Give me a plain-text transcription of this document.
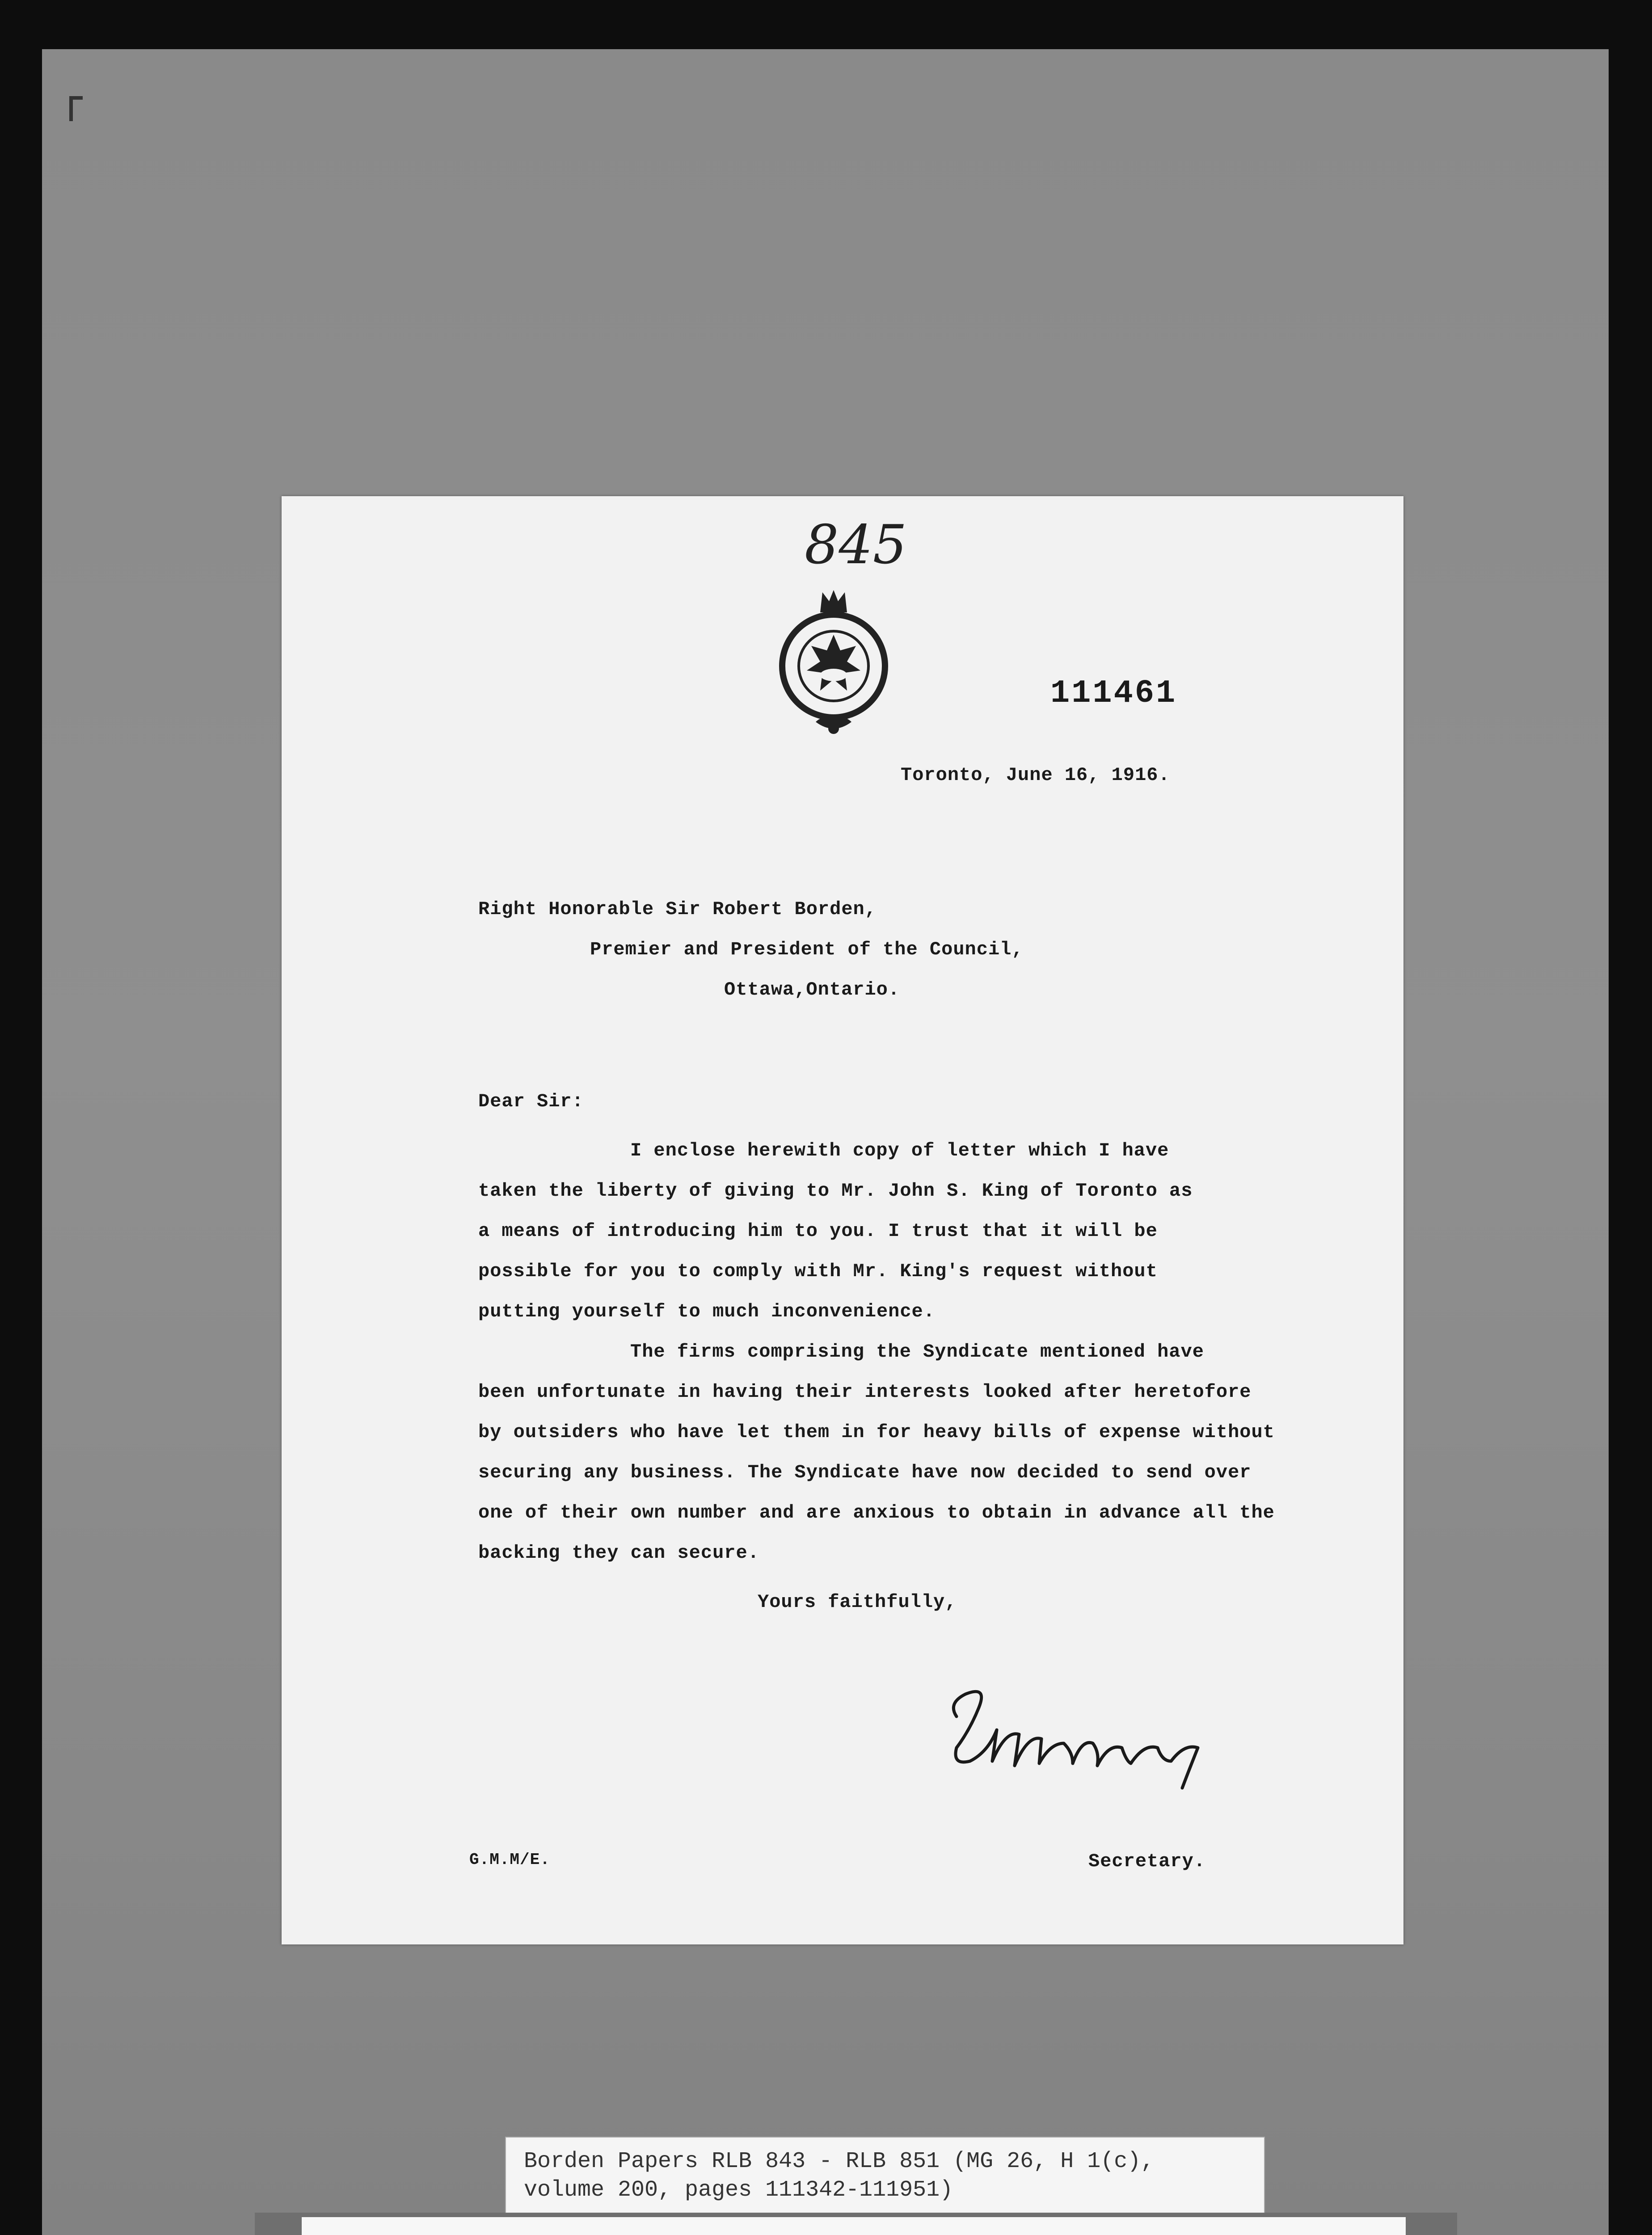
845
111461
Toronto, June 16, 1916.
Right Honorable Sir Robert Borden,
Premier and President of the Council,
Ottawa,Ontario.
Dear Sir:
I enclose herewith copy of letter which I have
taken the liberty of giving to Mr. John S. King of Toronto as
a means of introducing him to you. I trust that it will be
possible for you to comply with Mr. King's request without
putting yourself to much inconvenience.
The firms comprising the Syndicate mentioned have
been unfortunate in having their interests looked after heretofore
by outsiders who have let them in for heavy bills of expense without
securing any business. The Syndicate have now decided to send over
one of their own number and are anxious to obtain in advance all the
backing they can secure.
Yours faithfully,
G.M.M/E.	Secretary.
Borden Papers RLB 843 - RLB 851 (MG 26, H 1(c),
volume 200, pages 111342-111951)
